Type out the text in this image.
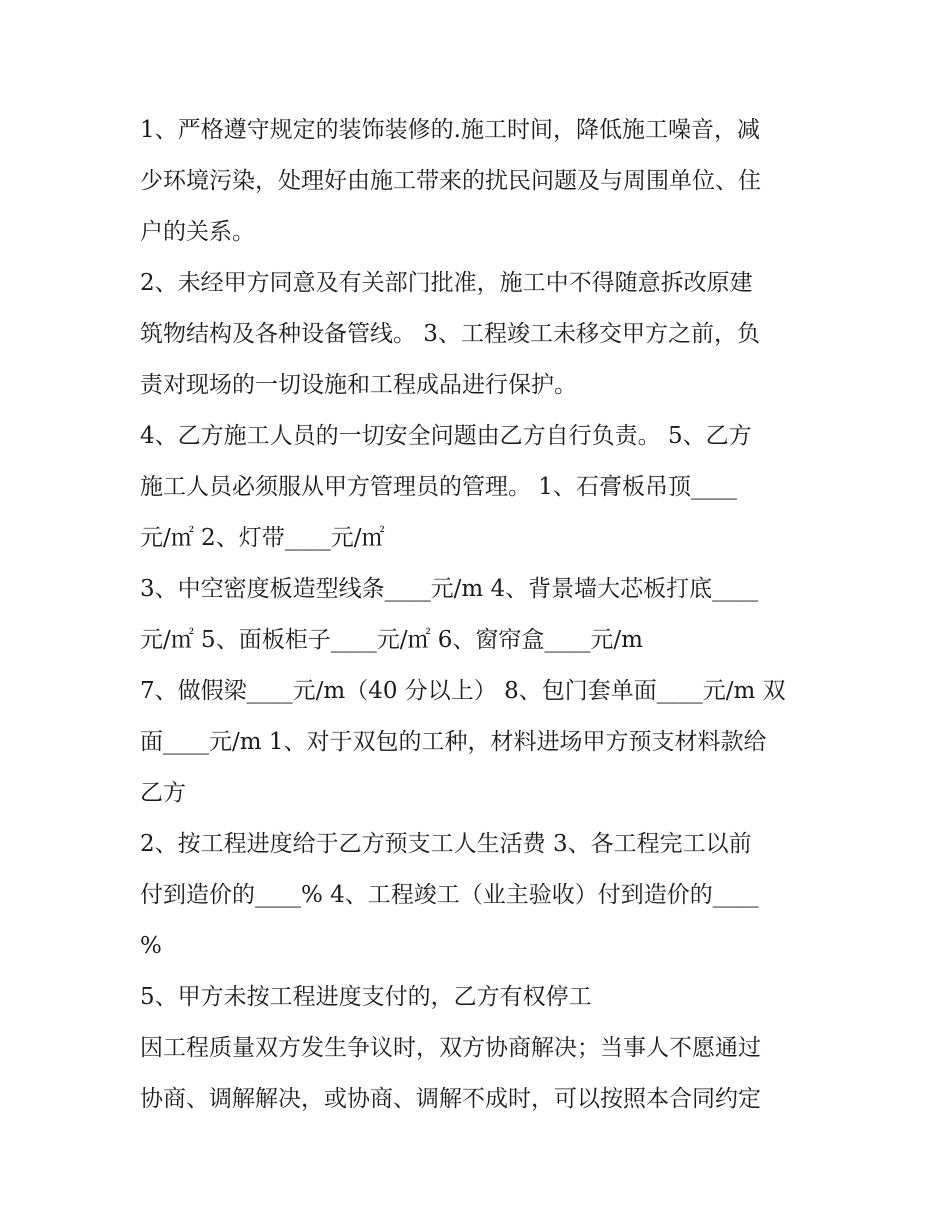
1、严格遵守规定的装饰装修的.施工时间，降低施工噪音，减
少环境污染，处理好由施工带来的扰民问题及与周围单位、住
户的关系。

2、未经甲方同意及有关部门批准，施工中不得随意拆改原建
筑物结构及各种设备管线。 3、工程竣工未移交甲方之前，负
责对现场的一切设施和工程成品进行保护。

4、乙方施工人员的一切安全问题由乙方自行负责。 5、乙方
施工人员必须服从甲方管理员的管理。 1、石膏板吊顶____
元/㎡ 2、灯带____元/㎡

3、中空密度板造型线条____元/m 4、背景墙大芯板打底____
元/㎡ 5、面板柜子____元/㎡ 6、窗帘盒____元/m

7、做假梁____元/m（40 分以上） 8、包门套单面____元/m 双
面____元/m 1、对于双包的工种，材料进场甲方预支材料款给
乙方

2、按工程进度给于乙方预支工人生活费 3、各工程完工以前
付到造价的____% 4、工程竣工（业主验收）付到造价的____
%

5、甲方未按工程进度支付的，乙方有权停工

因工程质量双方发生争议时，双方协商解决；当事人不愿通过
协商、调解解决，或协商、调解不成时，可以按照本合同约定
